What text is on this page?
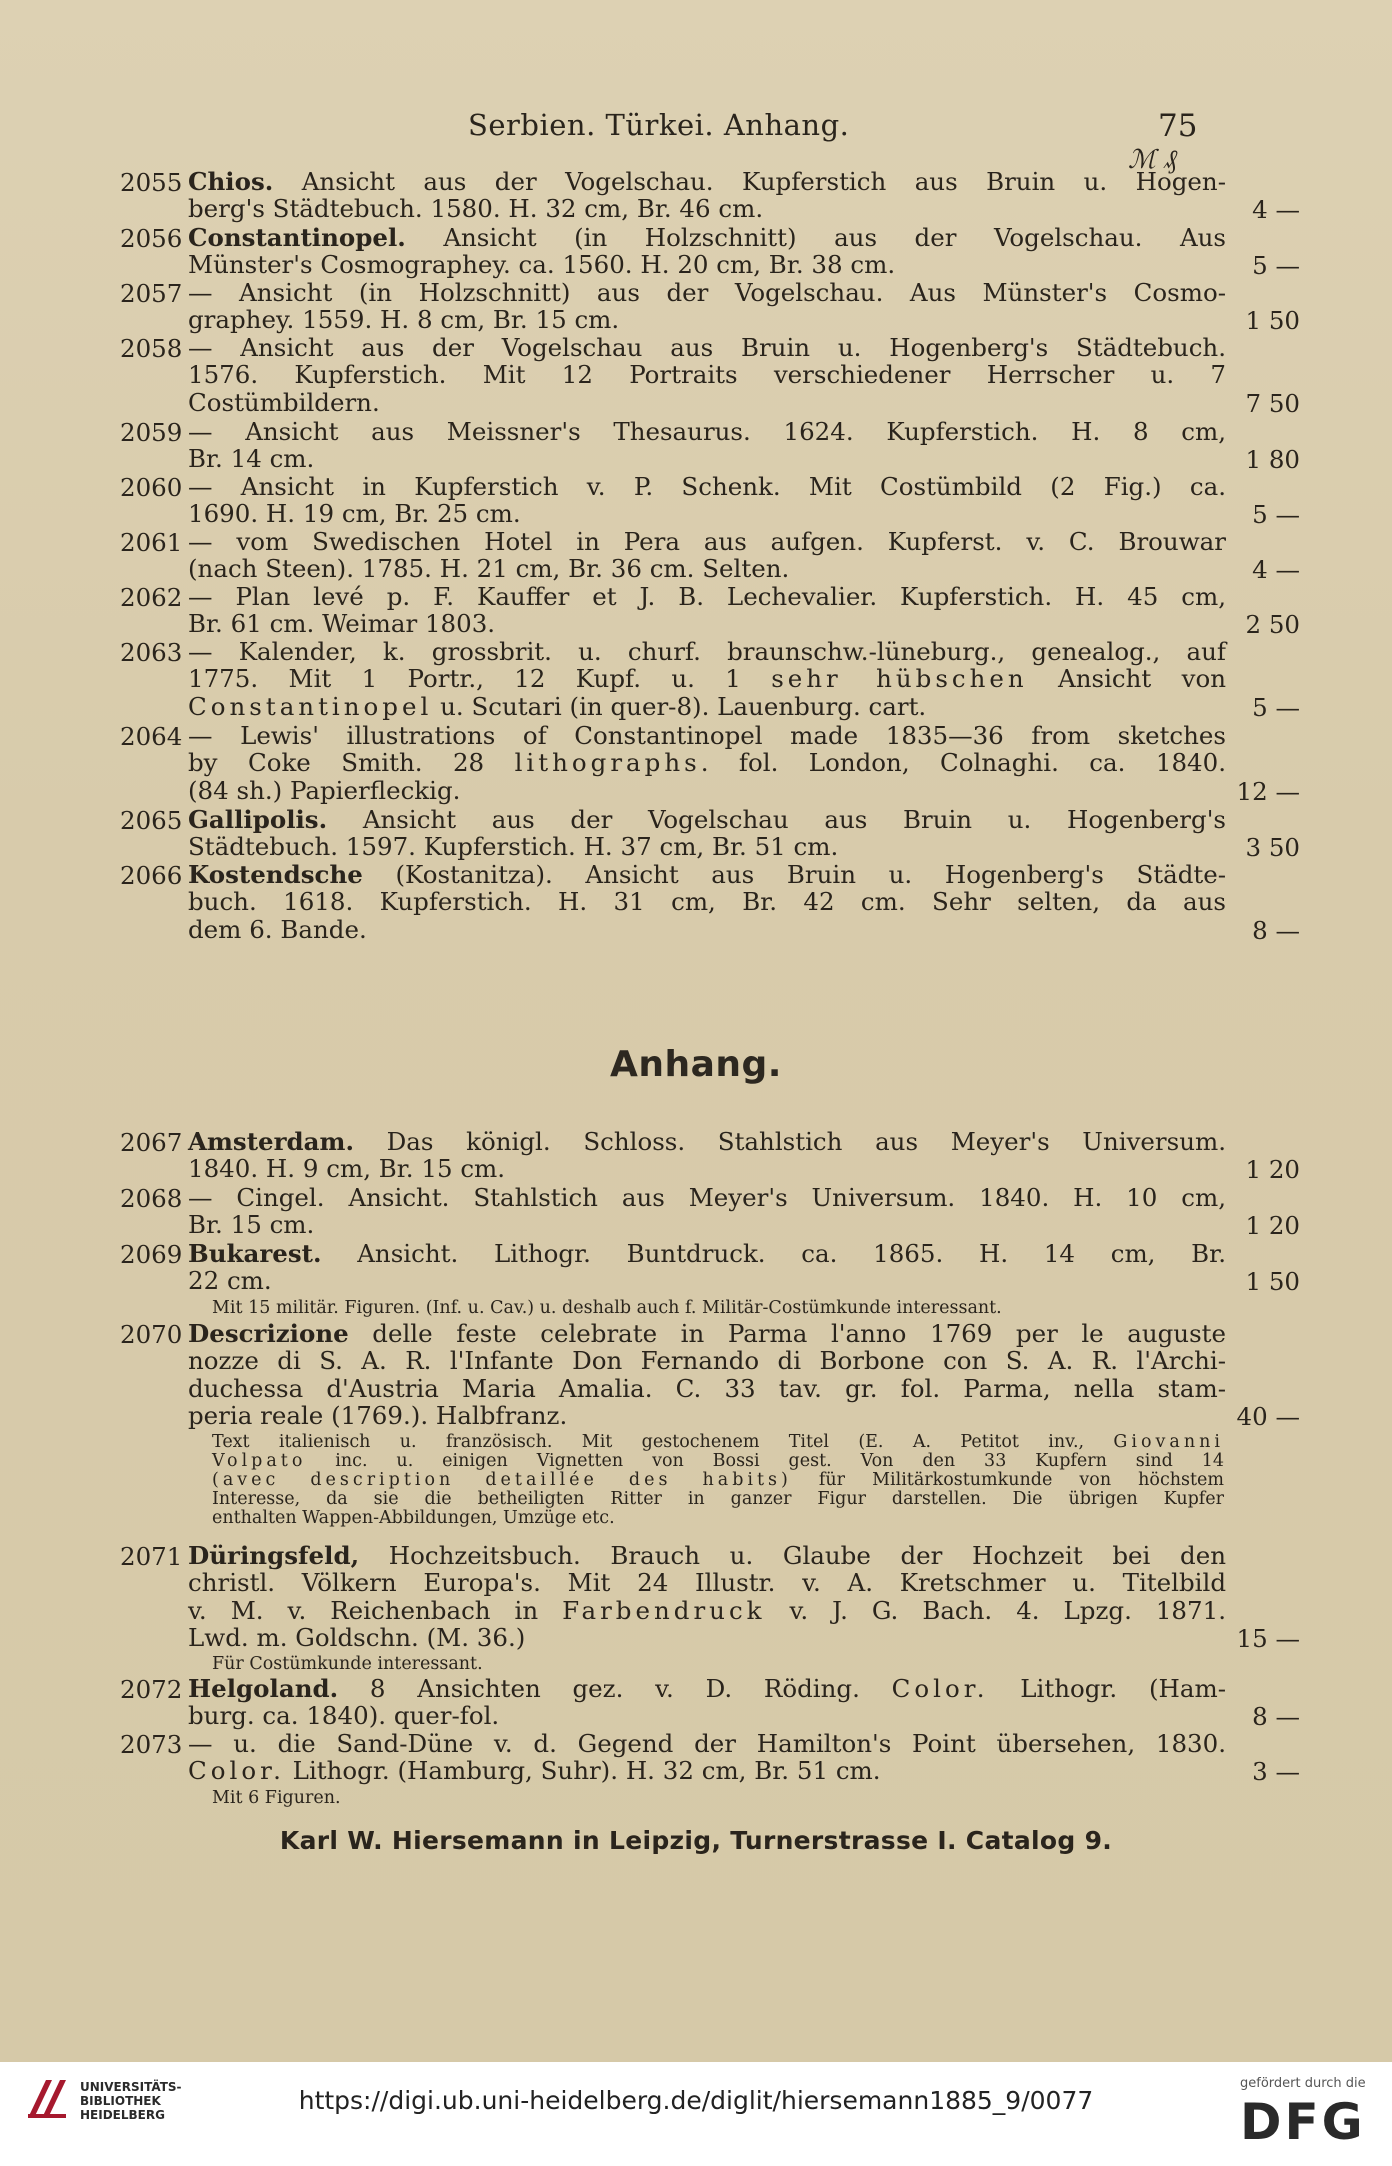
Serbien. Türkei. Anhang.	75
ℳ ₰
2055 Chios. Ansicht aus der Vogelschau. Kupferstich aus Bruin u. Hogen-
berg's Städtebuch. 1580. H. 32 cm, Br. 46 cm.	4 —
2056 Constantinopel. Ansicht (in Holzschnitt) aus der Vogelschau. Aus
Münster's Cosmographey. ca. 1560. H. 20 cm, Br. 38 cm.	5 —
2057 — Ansicht (in Holzschnitt) aus der Vogelschau. Aus Münster's Cosmo-
graphey. 1559. H. 8 cm, Br. 15 cm.	1 50
2058 — Ansicht aus der Vogelschau aus Bruin u. Hogenberg's Städtebuch.
1576. Kupferstich. Mit 12 Portraits verschiedener Herrscher u. 7
Costümbildern.	7 50
2059 — Ansicht aus Meissner's Thesaurus. 1624. Kupferstich. H. 8 cm,
Br. 14 cm.	1 80
2060 — Ansicht in Kupferstich v. P. Schenk. Mit Costümbild (2 Fig.) ca.
1690. H. 19 cm, Br. 25 cm.	5 —
2061 — vom Swedischen Hotel in Pera aus aufgen. Kupferst. v. C. Brouwar
(nach Steen). 1785. H. 21 cm, Br. 36 cm. Selten.	4 —
2062 — Plan levé p. F. Kauffer et J. B. Lechevalier. Kupferstich. H. 45 cm,
Br. 61 cm. Weimar 1803.	2 50
2063 — Kalender, k. grossbrit. u. churf. braunschw.-lüneburg., genealog., auf
1775. Mit 1 Portr., 12 Kupf. u. 1 sehr hübschen Ansicht von
Constantinopel u. Scutari (in quer-8). Lauenburg. cart.	5 —
2064 — Lewis' illustrations of Constantinopel made 1835—36 from sketches
by Coke Smith. 28 lithographs. fol. London, Colnaghi. ca. 1840.
(84 sh.) Papierfleckig.	12 —
2065 Gallipolis. Ansicht aus der Vogelschau aus Bruin u. Hogenberg's
Städtebuch. 1597. Kupferstich. H. 37 cm, Br. 51 cm.	3 50
2066 Kostendsche (Kostanitza). Ansicht aus Bruin u. Hogenberg's Städte-
buch. 1618. Kupferstich. H. 31 cm, Br. 42 cm. Sehr selten, da aus
dem 6. Bande.	8 —
Anhang.
2067 Amsterdam. Das königl. Schloss. Stahlstich aus Meyer's Universum.
1840. H. 9 cm, Br. 15 cm.	1 20
2068 — Cingel. Ansicht. Stahlstich aus Meyer's Universum. 1840. H. 10 cm,
Br. 15 cm.	1 20
2069 Bukarest. Ansicht. Lithogr. Buntdruck. ca. 1865. H. 14 cm, Br.
22 cm.	1 50
Mit 15 militär. Figuren. (Inf. u. Cav.) u. deshalb auch f. Militär-Costümkunde interessant.
2070 Descrizione delle feste celebrate in Parma l'anno 1769 per le auguste
nozze di S. A. R. l'Infante Don Fernando di Borbone con S. A. R. l'Archi-
duchessa d'Austria Maria Amalia. C. 33 tav. gr. fol. Parma, nella stam-
peria reale (1769.). Halbfranz.	40 —
Text italienisch u. französisch. Mit gestochenem Titel (E. A. Petitot inv., Giovanni
Volpato inc. u. einigen Vignetten von Bossi gest. Von den 33 Kupfern sind 14
(avec description detaillée des habits) für Militärkostumkunde von höchstem
Interesse, da sie die betheiligten Ritter in ganzer Figur darstellen. Die übrigen Kupfer
enthalten Wappen-Abbildungen, Umzüge etc.
2071 Düringsfeld, Hochzeitsbuch. Brauch u. Glaube der Hochzeit bei den
christl. Völkern Europa's. Mit 24 Illustr. v. A. Kretschmer u. Titelbild
v. M. v. Reichenbach in Farbendruck v. J. G. Bach. 4. Lpzg. 1871.
Lwd. m. Goldschn. (M. 36.)	15 —
Für Costümkunde interessant.
2072 Helgoland. 8 Ansichten gez. v. D. Röding. Color. Lithogr. (Ham-
burg. ca. 1840). quer-fol.	8 —
2073 — u. die Sand-Düne v. d. Gegend der Hamilton's Point übersehen, 1830.
Color. Lithogr. (Hamburg, Suhr). H. 32 cm, Br. 51 cm.	3 —
Mit 6 Figuren.
Karl W. Hiersemann in Leipzig, Turnerstrasse I. Catalog 9.
UNIVERSITÄTS-
BIBLIOTHEK
HEIDELBERG	https://digi.ub.uni-heidelberg.de/diglit/hiersemann1885_9/0077
gefördert durch die
DFG
